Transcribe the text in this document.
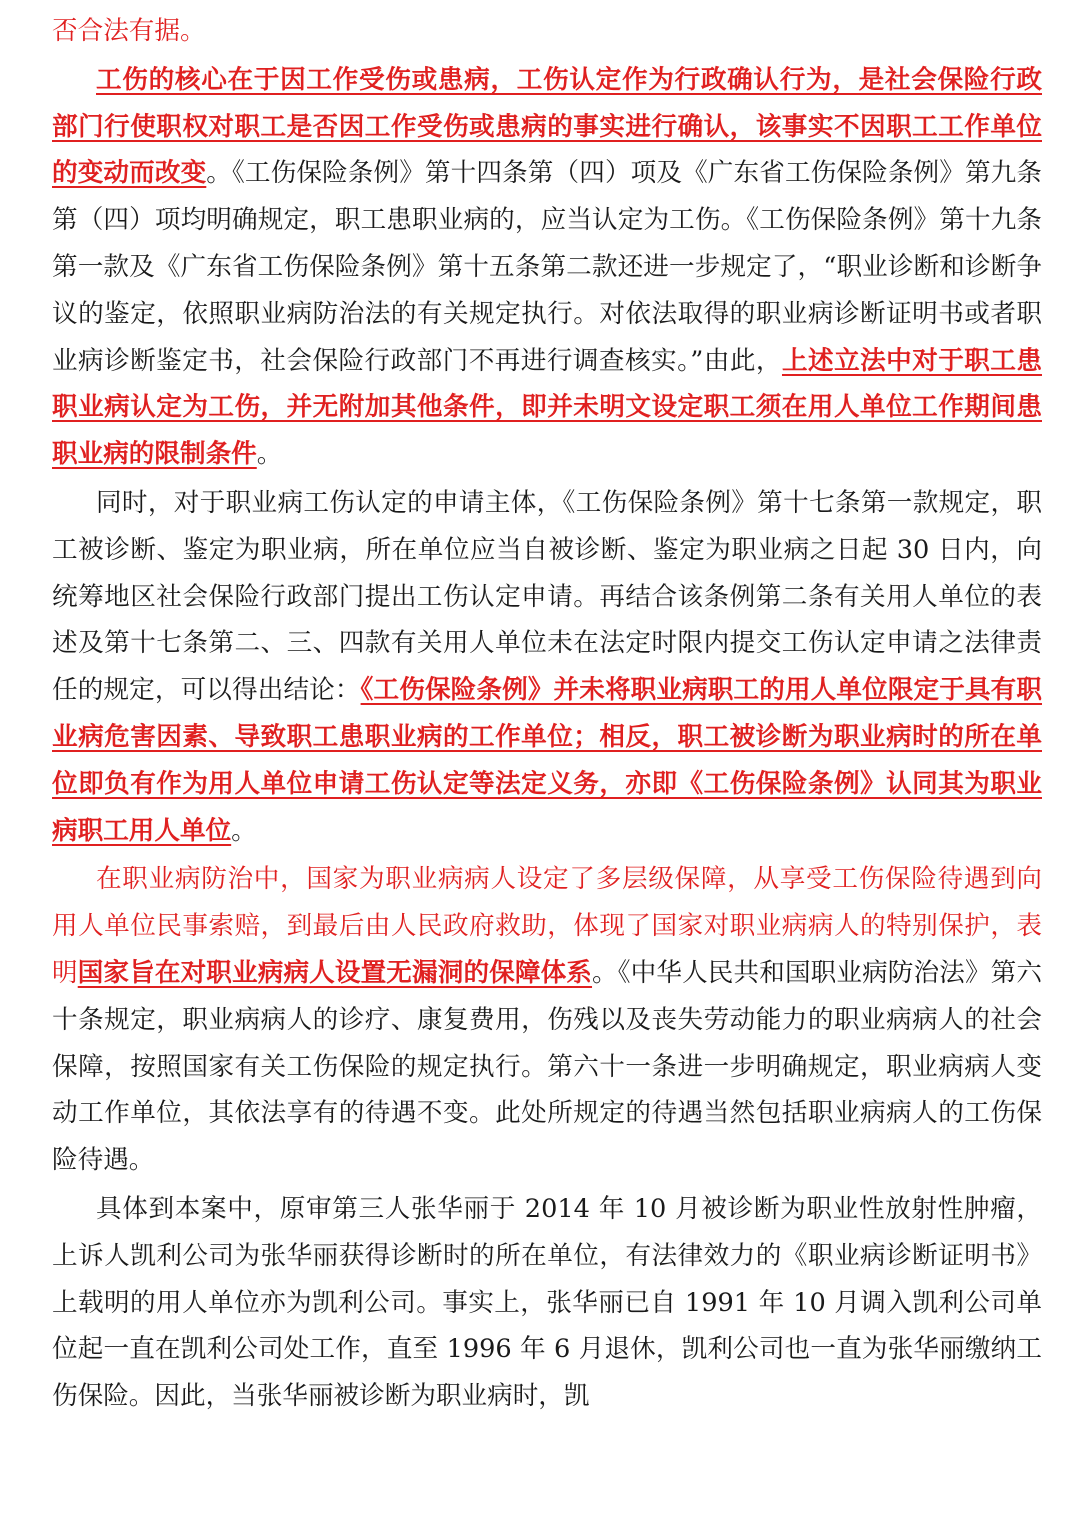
否合法有据。

工伤的核心在于因工作受伤或患病，工伤认定作为行政确认行为，是社会保险行政部门行使职权对职工是否因工作受伤或患病的事实进行确认，该事实不因职工工作单位的变动而改变。《工伤保险条例》第十四条第（四）项及《广东省工伤保险条例》第九条第（四）项均明确规定，职工患职业病的，应当认定为工伤。《工伤保险条例》第十九条第一款及《广东省工伤保险条例》第十五条第二款还进一步规定了，“职业诊断和诊断争议的鉴定，依照职业病防治法的有关规定执行。对依法取得的职业病诊断证明书或者职业病诊断鉴定书，社会保险行政部门不再进行调查核实。”由此，上述立法中对于职工患职业病认定为工伤，并无附加其他条件，即并未明文设定职工须在用人单位工作期间患职业病的限制条件。

同时，对于职业病工伤认定的申请主体，《工伤保险条例》第十七条第一款规定，职工被诊断、鉴定为职业病，所在单位应当自被诊断、鉴定为职业病之日起 30 日内，向统筹地区社会保险行政部门提出工伤认定申请。再结合该条例第二条有关用人单位的表述及第十七条第二、三、四款有关用人单位未在法定时限内提交工伤认定申请之法律责任的规定，可以得出结论：《工伤保险条例》并未将职业病职工的用人单位限定于具有职业病危害因素、导致职工患职业病的工作单位；相反，职工被诊断为职业病时的所在单位即负有作为用人单位申请工伤认定等法定义务，亦即《工伤保险条例》认同其为职业病职工用人单位。

在职业病防治中，国家为职业病病人设定了多层级保障，从享受工伤保险待遇到向用人单位民事索赔，到最后由人民政府救助，体现了国家对职业病病人的特别保护，表明国家旨在对职业病病人设置无漏洞的保障体系。《中华人民共和国职业病防治法》第六十条规定，职业病病人的诊疗、康复费用，伤残以及丧失劳动能力的职业病病人的社会保障，按照国家有关工伤保险的规定执行。第六十一条进一步明确规定，职业病病人变动工作单位，其依法享有的待遇不变。此处所规定的待遇当然包括职业病病人的工伤保险待遇。

具体到本案中，原审第三人张华丽于 2014 年 10 月被诊断为职业性放射性肿瘤，上诉人凯利公司为张华丽获得诊断时的所在单位，有法律效力的《职业病诊断证明书》上载明的用人单位亦为凯利公司。事实上，张华丽已自 1991 年 10 月调入凯利公司单位起一直在凯利公司处工作，直至 1996 年 6 月退休，凯利公司也一直为张华丽缴纳工伤保险。因此，当张华丽被诊断为职业病时，凯
